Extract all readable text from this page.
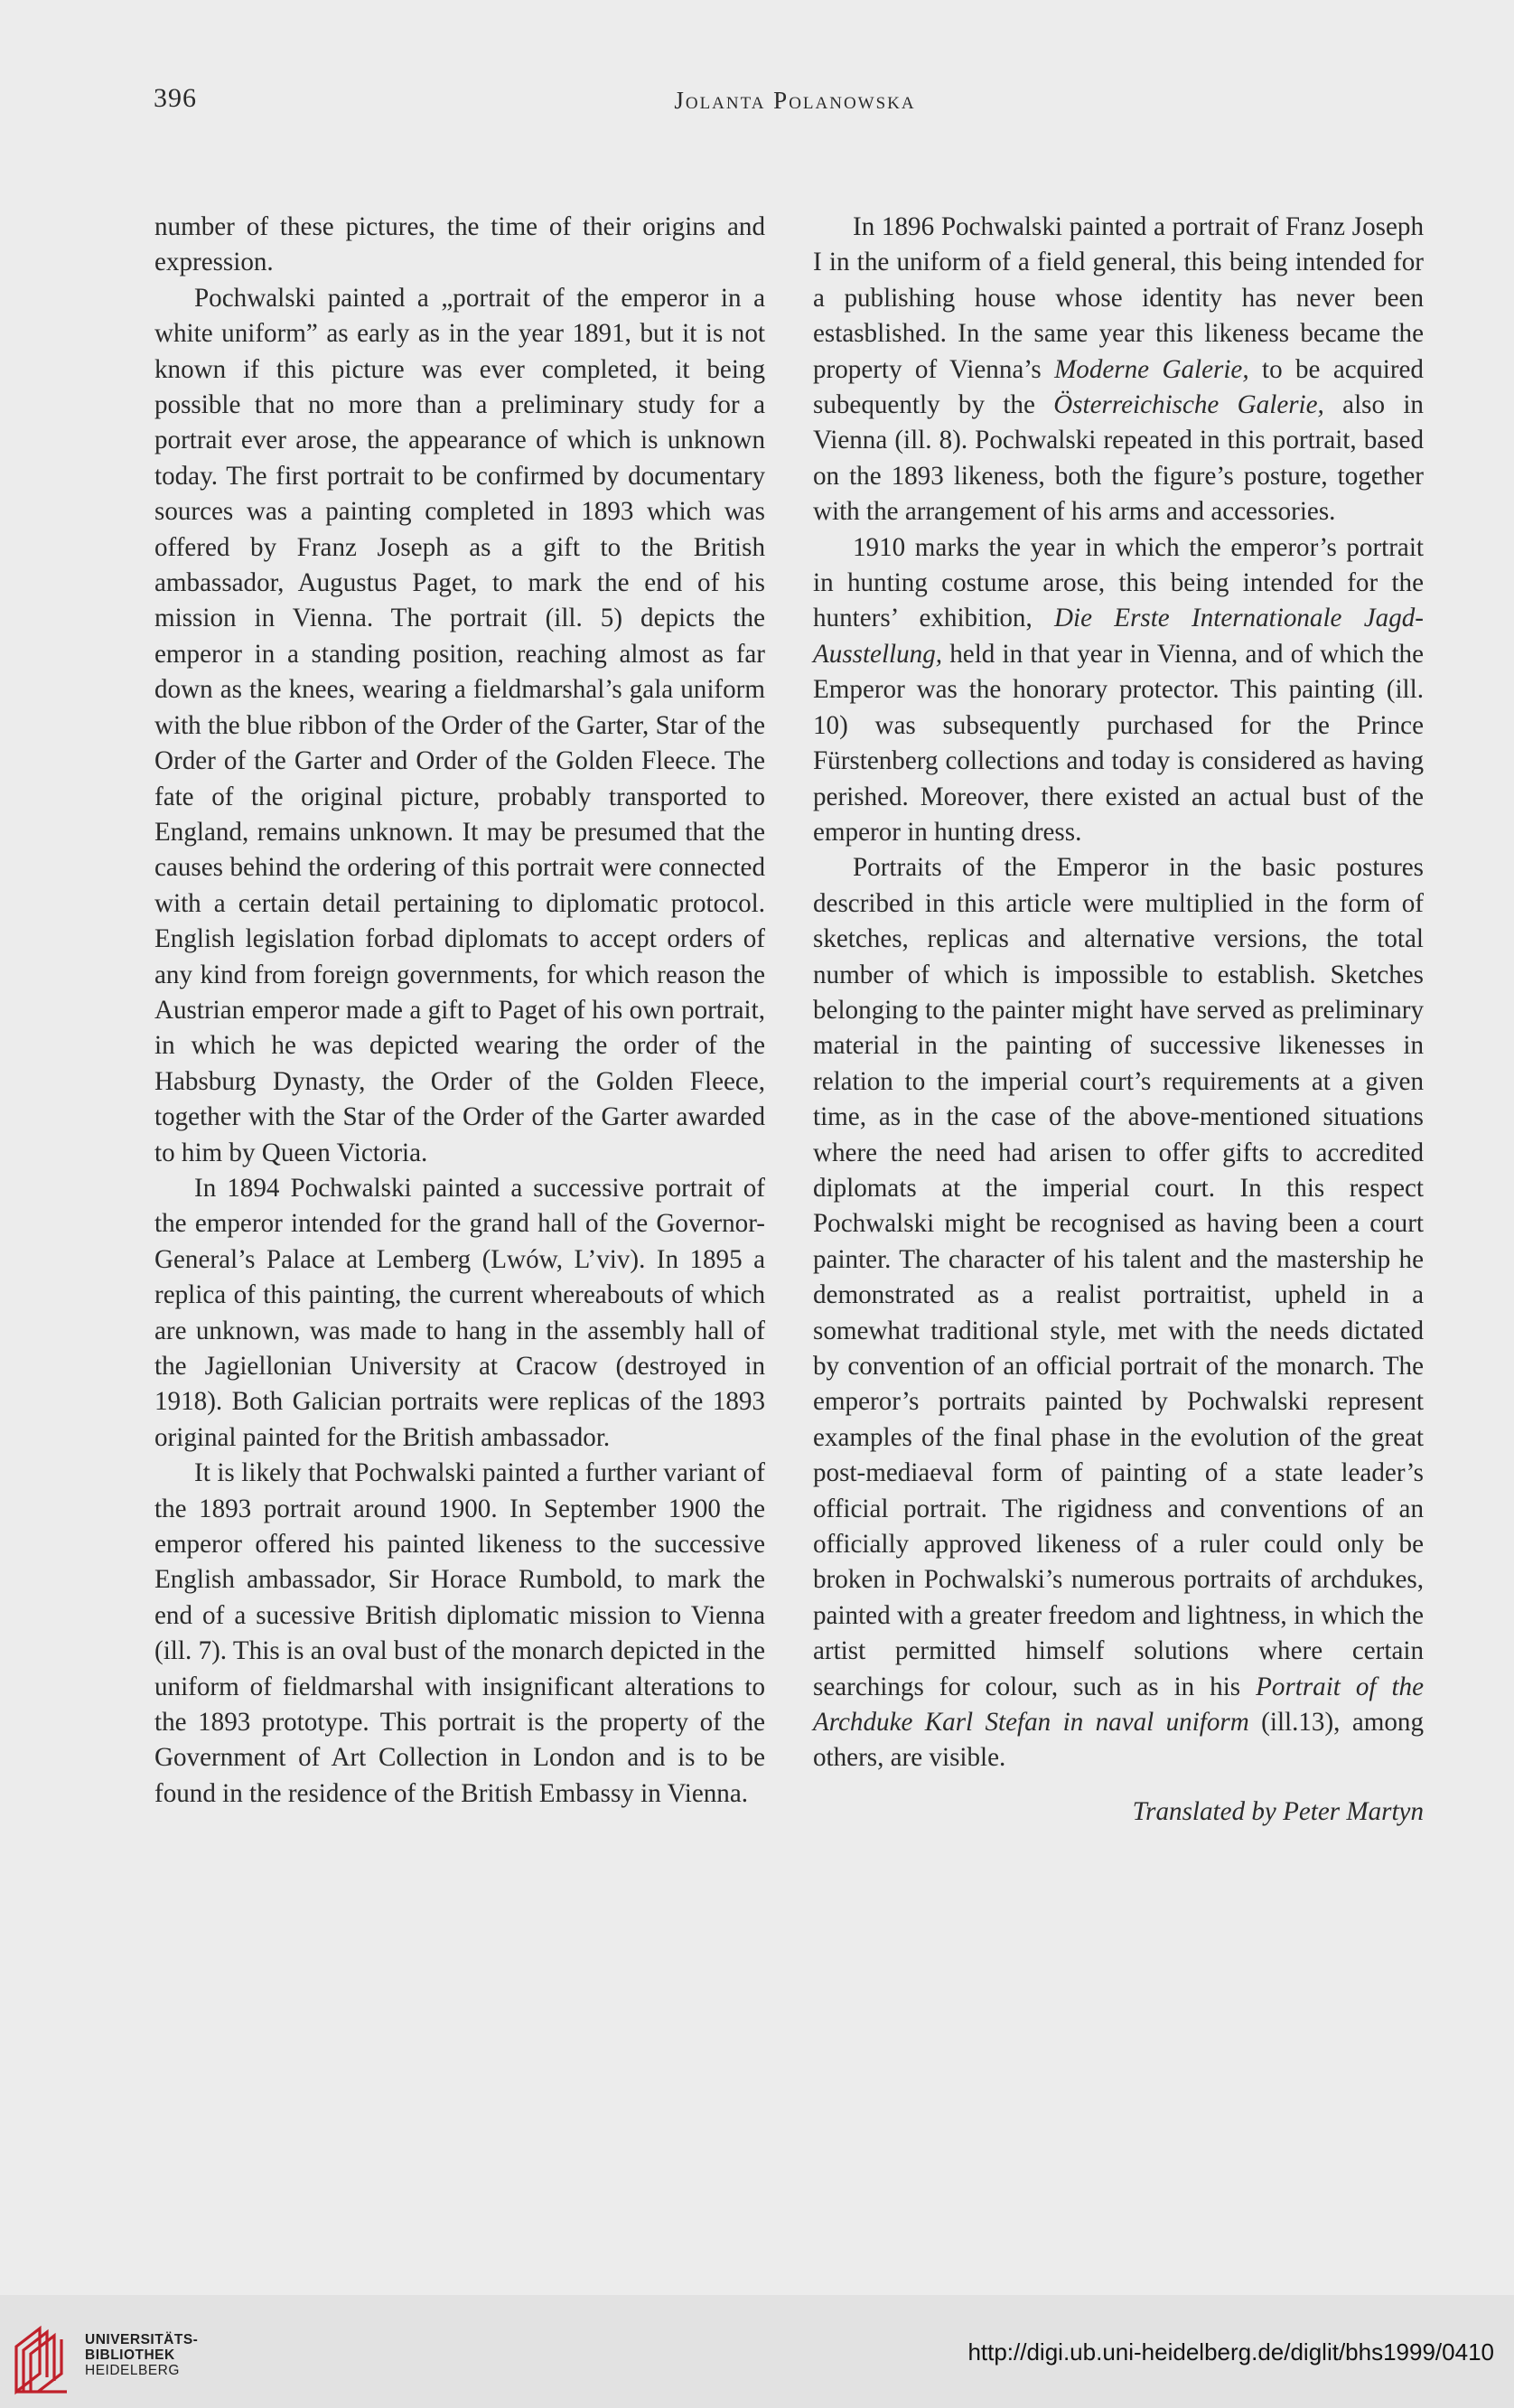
396	Jolanta Polanowska

number of these pictures, the time of their origins and expression.

Pochwalski painted a „portrait of the emperor in a white uniform” as early as in the year 1891, but it is not known if this picture was ever completed, it being possible that no more than a preliminary study for a portrait ever arose, the appearance of which is unknown today. The first portrait to be confirmed by documentary sources was a painting completed in 1893 which was offered by Franz Joseph as a gift to the British ambassador, Augustus Paget, to mark the end of his mission in Vienna. The portrait (ill. 5) depicts the emperor in a standing position, reaching almost as far down as the knees, wearing a fieldmarshal’s gala uniform with the blue ribbon of the Order of the Garter, Star of the Order of the Garter and Order of the Golden Fleece. The fate of the original picture, probably transported to England, remains unknown. It may be presumed that the causes behind the ordering of this portrait were connected with a certain detail pertaining to diplomatic protocol. English legislation forbad diplomats to accept orders of any kind from foreign governments, for which reason the Austrian emperor made a gift to Paget of his own portrait, in which he was depicted wearing the order of the Habsburg Dynasty, the Order of the Golden Fleece, together with the Star of the Order of the Garter awarded to him by Queen Victoria.

In 1894 Pochwalski painted a successive portrait of the emperor intended for the grand hall of the Governor-General’s Palace at Lemberg (Lwów, L’viv). In 1895 a replica of this painting, the current whereabouts of which are unknown, was made to hang in the assembly hall of the Jagiellonian University at Cracow (destroyed in 1918). Both Galician portraits were replicas of the 1893 original painted for the British ambassador.

It is likely that Pochwalski painted a further variant of the 1893 portrait around 1900. In September 1900 the emperor offered his painted likeness to the successive English ambassador, Sir Horace Rumbold, to mark the end of a sucessive British diplomatic mission to Vienna (ill. 7). This is an oval bust of the monarch depicted in the uniform of fieldmarshal with insignificant alterations to the 1893 prototype. This portrait is the property of the Government of Art Collection in London and is to be found in the residence of the British Embassy in Vienna.

In 1896 Pochwalski painted a portrait of Franz Joseph I in the uniform of a field general, this being intended for a publishing house whose identity has never been estasblished. In the same year this likeness became the property of Vienna’s Moderne Galerie, to be acquired subequently by the Österreichische Galerie, also in Vienna (ill. 8). Pochwalski repeated in this portrait, based on the 1893 likeness, both the figure’s posture, together with the arrangement of his arms and accessories.

1910 marks the year in which the emperor’s portrait in hunting costume arose, this being intended for the hunters’ exhibition, Die Erste Internationale Jagd-Ausstellung, held in that year in Vienna, and of which the Emperor was the honorary protector. This painting (ill. 10) was subsequently purchased for the Prince Fürstenberg collections and today is considered as having perished. Moreover, there existed an actual bust of the emperor in hunting dress.

Portraits of the Emperor in the basic postures described in this article were multiplied in the form of sketches, replicas and alternative versions, the total number of which is impossible to establish. Sketches belonging to the painter might have served as preliminary material in the painting of successive likenesses in relation to the imperial court’s requirements at a given time, as in the case of the above-mentioned situations where the need had arisen to offer gifts to accredited diplomats at the imperial court. In this respect Pochwalski might be recognised as having been a court painter. The character of his talent and the mastership he demonstrated as a realist portraitist, upheld in a somewhat traditional style, met with the needs dictated by convention of an official portrait of the monarch. The emperor’s portraits painted by Pochwalski represent examples of the final phase in the evolution of the great post-mediaeval form of painting of a state leader’s official portrait. The rigidness and conventions of an officially approved likeness of a ruler could only be broken in Pochwalski’s numerous portraits of archdukes, painted with a greater freedom and lightness, in which the artist permitted himself solutions where certain searchings for colour, such as in his Portrait of the Archduke Karl Stefan in naval uniform (ill.13), among others, are visible.

Translated by Peter Martyn

UNIVERSITÄTS-
BIBLIOTHEK
HEIDELBERG
http://digi.ub.uni-heidelberg.de/diglit/bhs1999/0410
